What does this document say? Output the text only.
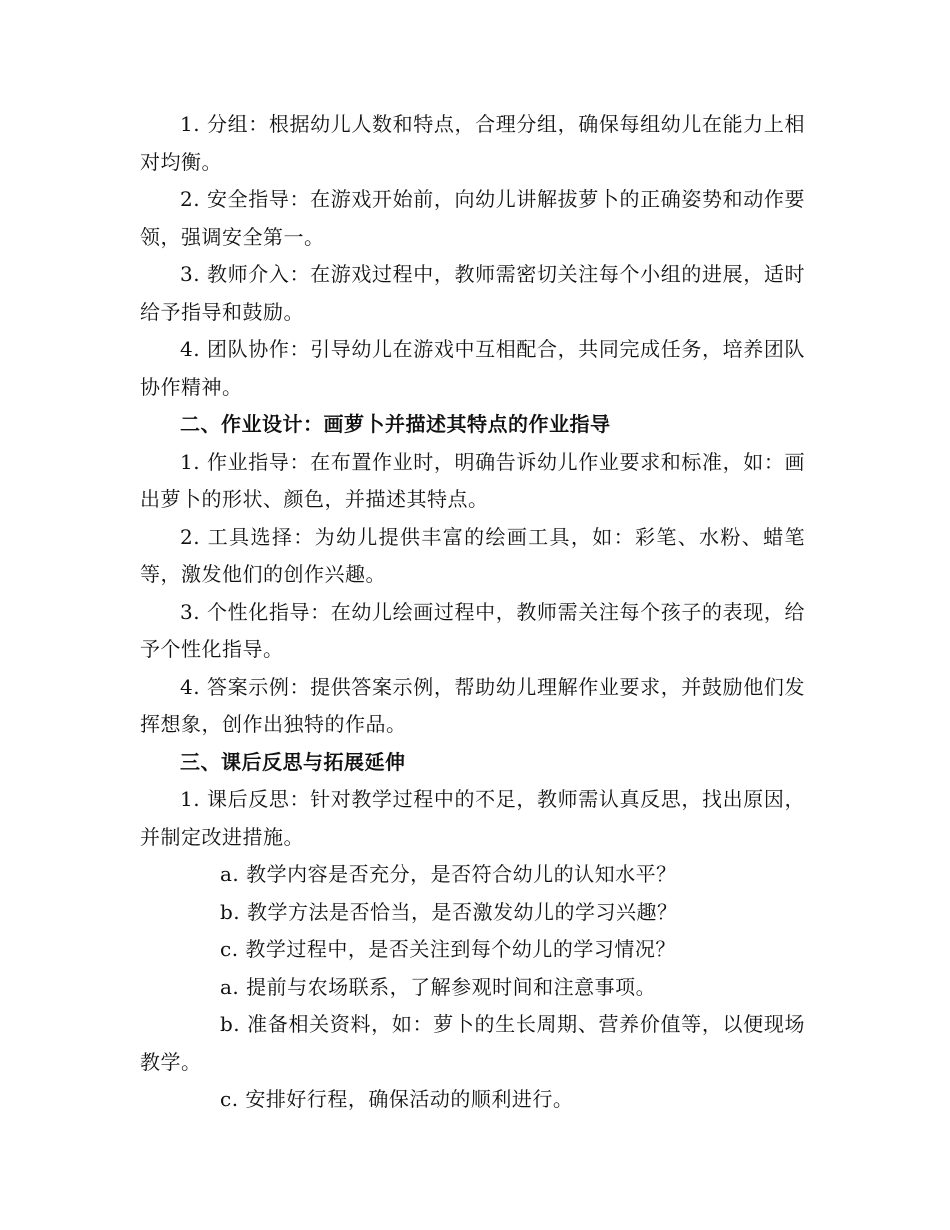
1. 分组：根据幼儿人数和特点，合理分组，确保每组幼儿在能力上相对均衡。

2. 安全指导：在游戏开始前，向幼儿讲解拔萝卜的正确姿势和动作要领，强调安全第一。

3. 教师介入：在游戏过程中，教师需密切关注每个小组的进展，适时给予指导和鼓励。

4. 团队协作：引导幼儿在游戏中互相配合，共同完成任务，培养团队协作精神。

二、作业设计：画萝卜并描述其特点的作业指导

1. 作业指导：在布置作业时，明确告诉幼儿作业要求和标准，如：画出萝卜的形状、颜色，并描述其特点。

2. 工具选择：为幼儿提供丰富的绘画工具，如：彩笔、水粉、蜡笔等，激发他们的创作兴趣。

3. 个性化指导：在幼儿绘画过程中，教师需关注每个孩子的表现，给予个性化指导。

4. 答案示例：提供答案示例，帮助幼儿理解作业要求，并鼓励他们发挥想象，创作出独特的作品。

三、课后反思与拓展延伸

1. 课后反思：针对教学过程中的不足，教师需认真反思，找出原因，并制定改进措施。

a. 教学内容是否充分，是否符合幼儿的认知水平？

b. 教学方法是否恰当，是否激发幼儿的学习兴趣？

c. 教学过程中，是否关注到每个幼儿的学习情况？

a. 提前与农场联系，了解参观时间和注意事项。

b. 准备相关资料，如：萝卜的生长周期、营养价值等，以便现场教学。

c. 安排好行程，确保活动的顺利进行。
